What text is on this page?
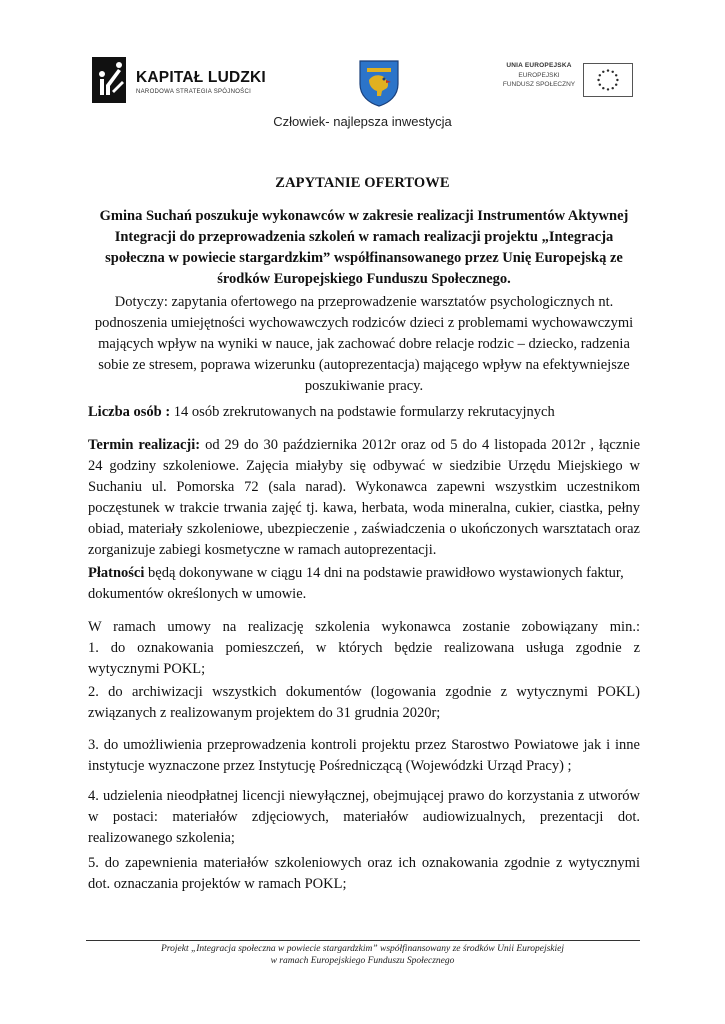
KAPITAŁ LUDZKI
NARODOWA STRATEGIA SPÓJNOŚCI
UNIA EUROPEJSKA
EUROPEJSKI
FUNDUSZ SPOŁECZNY
Człowiek- najlepsza inwestycja
ZAPYTANIE OFERTOWE
Gmina Suchań poszukuje wykonawców w zakresie realizacji Instrumentów Aktywnej
Integracji do przeprowadzenia szkoleń w ramach realizacji projektu „Integracja
społeczna w powiecie stargardzkim” współfinansowanego przez Unię Europejską ze
środków Europejskiego Funduszu Społecznego.
Dotyczy: zapytania ofertowego na przeprowadzenie warsztatów psychologicznych nt.
podnoszenia umiejętności wychowawczych rodziców dzieci z problemami wychowawczymi
mających wpływ na wyniki w nauce, jak zachować dobre relacje rodzic – dziecko, radzenia
sobie ze stresem, poprawa wizerunku (autoprezentacja) mającego wpływ na efektywniejsze
poszukiwanie pracy.
Liczba osób : 14 osób zrekrutowanych na podstawie formularzy rekrutacyjnych
Termin realizacji: od 29 do 30 października 2012r oraz od 5 do 4 listopada 2012r , łącznie
24 godziny szkoleniowe. Zajęcia miałyby się odbywać w siedzibie Urzędu Miejskiego w
Suchaniu ul. Pomorska 72 (sala narad). Wykonawca zapewni wszystkim uczestnikom
poczęstunek w trakcie trwania zajęć tj. kawa, herbata, woda mineralna, cukier, ciastka, pełny
obiad, materiały szkoleniowe, ubezpieczenie , zaświadczenia o ukończonych warsztatach oraz
zorganizuje zabiegi kosmetyczne w ramach autoprezentacji.
Płatności będą dokonywane w ciągu 14 dni na podstawie prawidłowo wystawionych faktur,
dokumentów określonych w umowie.
W ramach umowy na realizację szkolenia wykonawca zostanie zobowiązany min.:
1. do oznakowania pomieszczeń, w których będzie realizowana usługa zgodnie z
wytycznymi POKL;
2. do archiwizacji wszystkich dokumentów (logowania zgodnie z wytycznymi POKL)
związanych z realizowanym projektem do 31 grudnia 2020r;
3. do umożliwienia przeprowadzenia kontroli projektu przez Starostwo Powiatowe jak i inne
instytucje wyznaczone przez Instytucję Pośredniczącą (Wojewódzki Urząd Pracy) ;
4. udzielenia nieodpłatnej licencji niewyłącznej, obejmującej prawo do korzystania z utworów
w postaci: materiałów zdjęciowych, materiałów audiowizualnych, prezentacji dot.
realizowanego szkolenia;
5. do zapewnienia materiałów szkoleniowych oraz ich oznakowania zgodnie z wytycznymi
dot. oznaczania projektów w ramach POKL;
Projekt „Integracja społeczna w powiecie stargardzkim” współfinansowany ze środków Unii Europejskiej
w ramach Europejskiego Funduszu Społecznego
